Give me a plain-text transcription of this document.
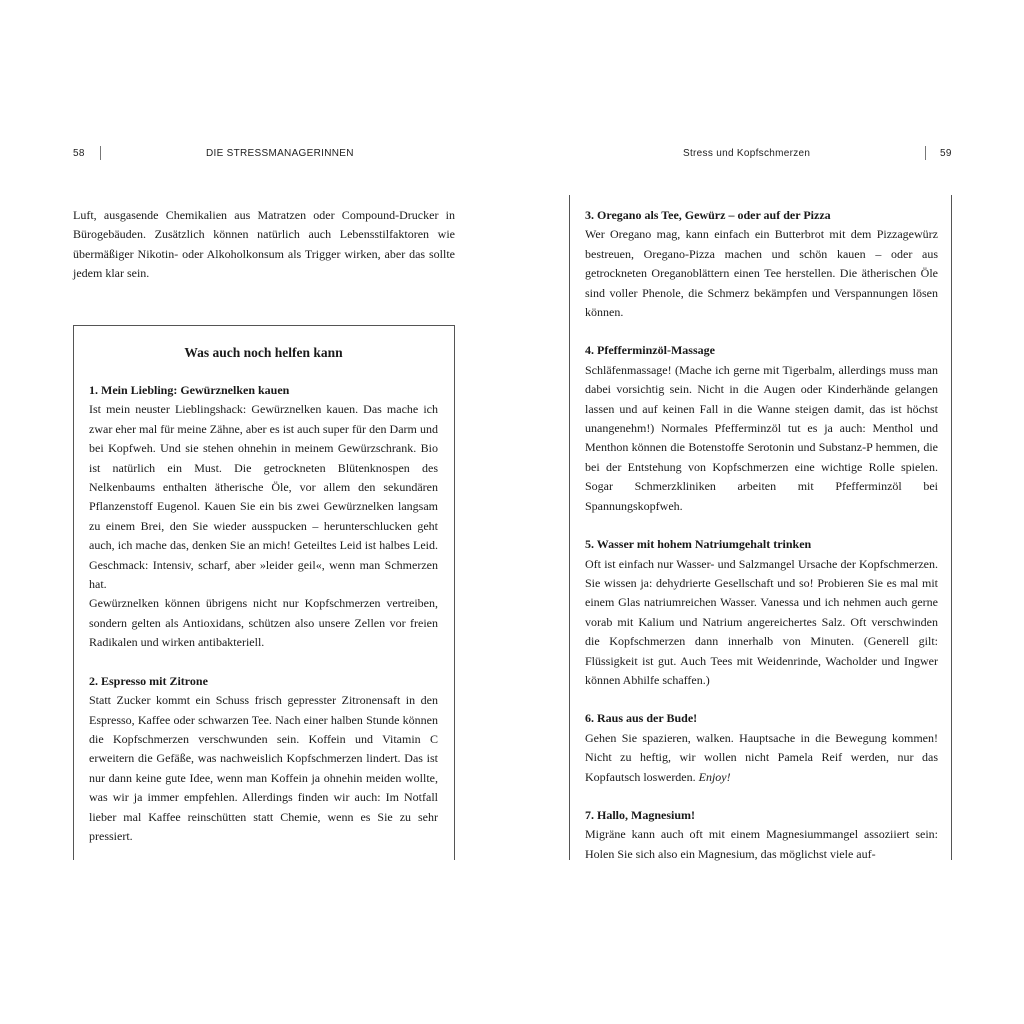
58	DIE STRESSMANAGERINNEN	Stress und Kopfschmerzen	59

Luft, ausgasende Chemikalien aus Matratzen oder Compound-Drucker in Bürogebäuden. Zusätzlich können natürlich auch Lebensstilfaktoren wie übermäßiger Nikotin- oder Alkoholkonsum als Trigger wirken, aber das sollte jedem klar sein.

Was auch noch helfen kann
1. Mein Liebling: Gewürznelken kauen

Ist mein neuster Lieblingshack: Gewürznelken kauen. Das mache ich zwar eher mal für meine Zähne, aber es ist auch super für den Darm und bei Kopfweh. Und sie stehen ohnehin in meinem Gewürzschrank. Bio ist natürlich ein Must. Die getrockneten Blütenknospen des Nelkenbaums enthalten ätherische Öle, vor allem den sekundären Pflanzenstoff Eugenol. Kauen Sie ein bis zwei Gewürznelken langsam zu einem Brei, den Sie wieder ausspucken – herunterschlucken geht auch, ich mache das, denken Sie an mich! Geteiltes Leid ist halbes Leid. Geschmack: Intensiv, scharf, aber »leider geil«, wenn man Schmerzen hat.

Gewürznelken können übrigens nicht nur Kopfschmerzen vertreiben, sondern gelten als Antioxidans, schützen also unsere Zellen vor freien Radikalen und wirken antibakteriell.

2. Espresso mit Zitrone

Statt Zucker kommt ein Schuss frisch gepresster Zitronensaft in den Espresso, Kaffee oder schwarzen Tee. Nach einer halben Stunde können die Kopfschmerzen verschwunden sein. Koffein und Vitamin C erweitern die Gefäße, was nachweislich Kopfschmerzen lindert. Das ist nur dann keine gute Idee, wenn man Koffein ja ohnehin meiden wollte, was wir ja immer empfehlen. Allerdings finden wir auch: Im Notfall lieber mal Kaffee reinschütten statt Chemie, wenn es Sie zu sehr pressiert.

3. Oregano als Tee, Gewürz – oder auf der Pizza

Wer Oregano mag, kann einfach ein Butterbrot mit dem Pizzagewürz bestreuen, Oregano-Pizza machen und schön kauen – oder aus getrockneten Oreganoblättern einen Tee herstellen. Die ätherischen Öle sind voller Phenole, die Schmerz bekämpfen und Verspannungen lösen können.

4. Pfefferminzöl-Massage

Schläfenmassage! (Mache ich gerne mit Tigerbalm, allerdings muss man dabei vorsichtig sein. Nicht in die Augen oder Kinderhände gelangen lassen und auf keinen Fall in die Wanne steigen damit, das ist höchst unangenehm!) Normales Pfefferminzöl tut es ja auch: Menthol und Menthon können die Botenstoffe Serotonin und Substanz-P hemmen, die bei der Entstehung von Kopfschmerzen eine wichtige Rolle spielen. Sogar Schmerzkliniken arbeiten mit Pfefferminzöl bei Spannungskopfweh.

5. Wasser mit hohem Natriumgehalt trinken

Oft ist einfach nur Wasser- und Salzmangel Ursache der Kopfschmerzen. Sie wissen ja: dehydrierte Gesellschaft und so! Probieren Sie es mal mit einem Glas natriumreichen Wasser. Vanessa und ich nehmen auch gerne vorab mit Kalium und Natrium angereichertes Salz. Oft verschwinden die Kopfschmerzen dann innerhalb von Minuten. (Generell gilt: Flüssigkeit ist gut. Auch Tees mit Weidenrinde, Wacholder und Ingwer können Abhilfe schaffen.)

6. Raus aus der Bude!

Gehen Sie spazieren, walken. Hauptsache in die Bewegung kommen! Nicht zu heftig, wir wollen nicht Pamela Reif werden, nur das Kopfautsch loswerden. Enjoy!

7. Hallo, Magnesium!

Migräne kann auch oft mit einem Magnesiummangel assoziiert sein: Holen Sie sich also ein Magnesium, das möglichst viele auf-
